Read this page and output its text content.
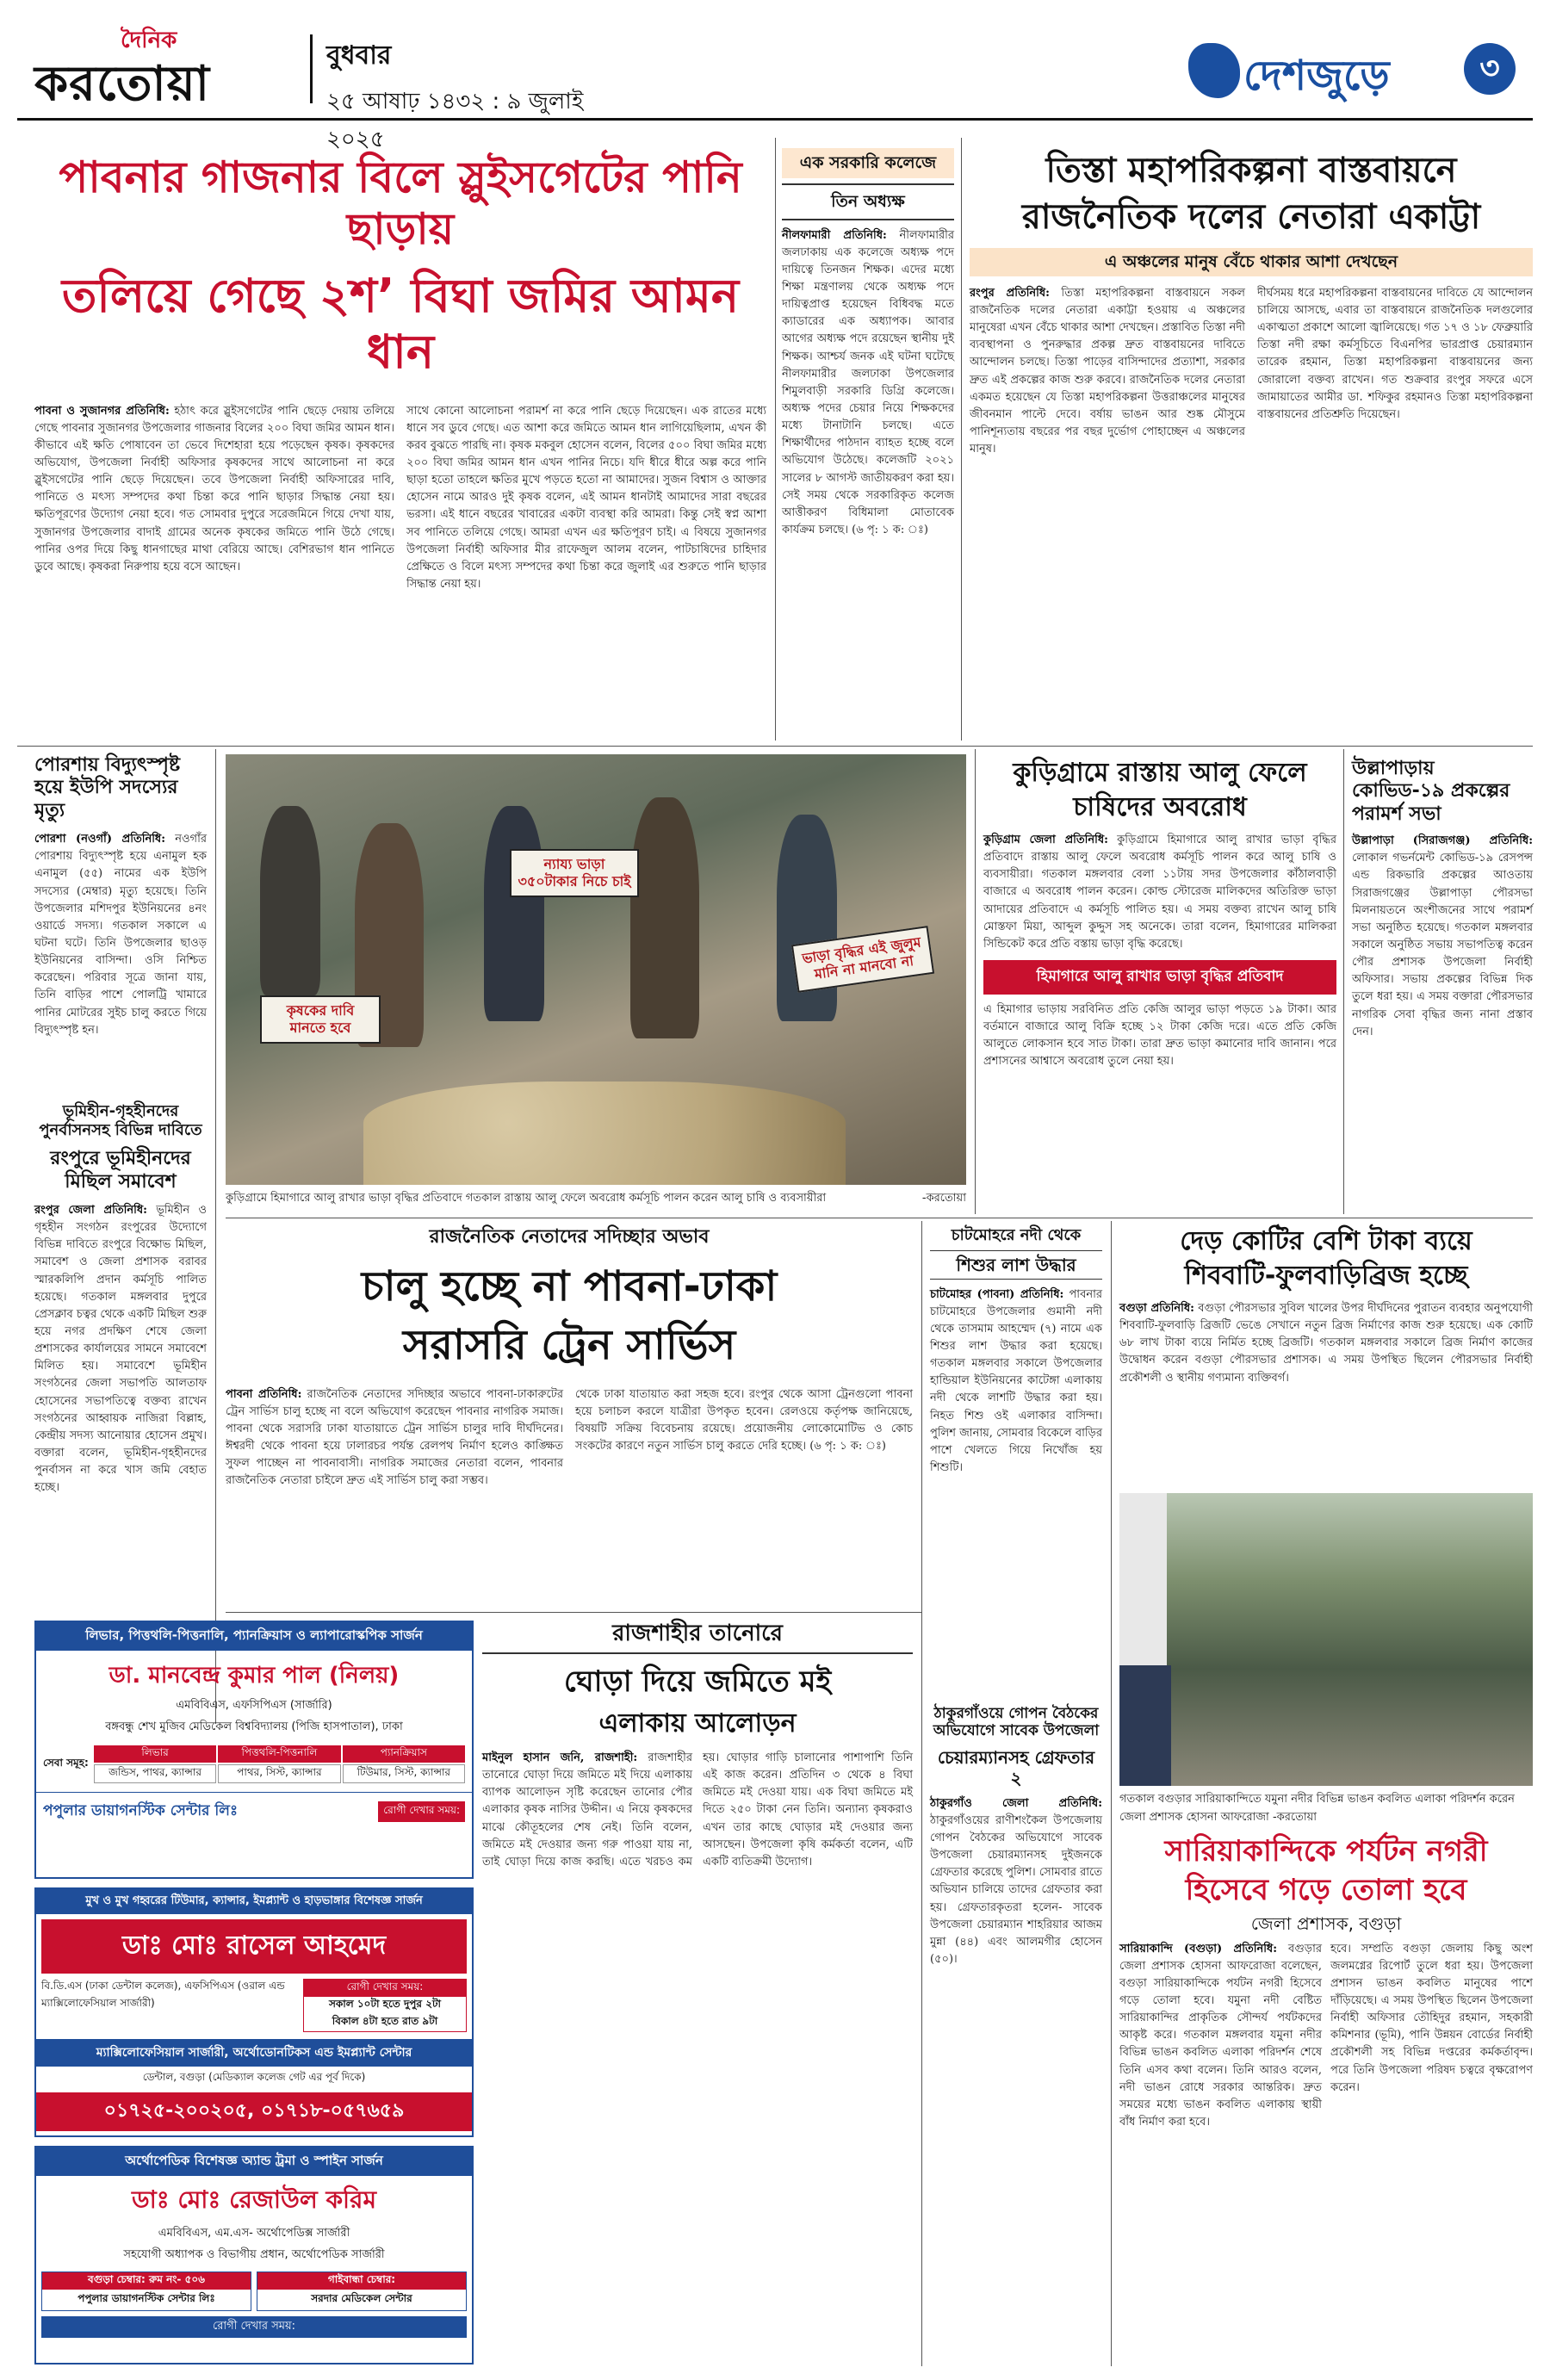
দৈনিক
করতোয়া
বুধবার
২৫ আষাঢ় ১৪৩২ : ৯ জুলাই ২০২৫
দেশজুড়ে	৩
পাবনার গাজনার বিলে স্লুইসগেটের পানি ছাড়ায়
তলিয়ে গেছে ২শ’ বিঘা জমির আমন ধান
পাবনা ও সুজানগর প্রতিনিধি: হঠাৎ করে স্লুইসগেটের পানি ছেড়ে দেয়ায় তলিয়ে গেছে পাবনার সুজানগর উপজেলার গাজনার বিলের ২০০ বিঘা জমির আমন ধান। কীভাবে এই ক্ষতি পোষাবেন তা ভেবে দিশেহারা হয়ে পড়েছেন কৃষক। কৃষকদের অভিযোগ, উপজেলা নির্বাহী অফিসার কৃষকদের সাথে আলোচনা না করে স্লুইসগেটের পানি ছেড়ে দিয়েছেন। তবে উপজেলা নির্বাহী অফিসারের দাবি, পানিতে ও মৎস্য সম্পদের কথা চিন্তা করে পানি ছাড়ার সিদ্ধান্ত নেয়া হয়। ক্ষতিপূরণের উদ্যোগ নেয়া হবে। গত সোমবার দুপুরে সরেজমিনে গিয়ে দেখা যায়, সুজানগর উপজেলার বাদাই গ্রামের অনেক কৃষকের জমিতে পানি উঠে গেছে। পানির ওপর দিয়ে কিছু ধানগাছের মাথা বেরিয়ে আছে। বেশিরভাগ ধান পানিতে ডুবে আছে। কৃষকরা নিরুপায় হয়ে বসে আছেন।
সাথে কোনো আলোচনা পরামর্শ না করে পানি ছেড়ে দিয়েছেন। এক রাতের মধ্যে ধানে সব ডুবে গেছে। এত আশা করে জমিতে আমন ধান লাগিয়েছিলাম, এখন কী করব বুঝতে পারছি না। কৃষক মকবুল হোসেন বলেন, বিলের ৫০০ বিঘা জমির মধ্যে ২০০ বিঘা জমির আমন ধান এখন পানির নিচে। যদি ধীরে ধীরে অল্প করে পানি ছাড়া হতো তাহলে ক্ষতির মুখে পড়তে হতো না আমাদের। সুজন বিশ্বাস ও আক্তার হোসেন নামে আরও দুই কৃষক বলেন, এই আমন ধানটাই আমাদের সারা বছরের ভরসা। এই ধানে বছরের খাবারের একটা ব্যবস্থা করি আমরা। কিন্তু সেই স্বপ্ন আশা সব পানিতে তলিয়ে গেছে। আমরা এখন এর ক্ষতিপূরণ চাই। এ বিষয়ে সুজানগর উপজেলা নির্বাহী অফিসার মীর রাফেজুল আলম বলেন, পাটচাষিদের চাহিদার প্রেক্ষিতে ও বিলে মৎস্য সম্পদের কথা চিন্তা করে জুলাই এর শুরুতে পানি ছাড়ার সিদ্ধান্ত নেয়া হয়।
এক সরকারি কলেজে
তিন অধ্যক্ষ
নীলফামারী প্রতিনিধি: নীলফামারীর জলঢাকায় এক কলেজে অধ্যক্ষ পদে দায়িত্বে তিনজন শিক্ষক। এদের মধ্যে শিক্ষা মন্ত্রণালয় থেকে অধ্যক্ষ পদে দায়িত্বপ্রাপ্ত হয়েছেন বিধিবদ্ধ মতে ক্যাডারের এক অধ্যাপক। আবার আগের অধ্যক্ষ পদে রয়েছেন স্থানীয় দুই শিক্ষক। আশ্চর্য জনক এই ঘটনা ঘটেছে নীলফামারীর জলঢাকা উপজেলার শিমুলবাড়ী সরকারি ডিগ্রি কলেজে। অধ্যক্ষ পদের চেয়ার নিয়ে শিক্ষকদের মধ্যে টানাটানি চলছে। এতে শিক্ষার্থীদের পাঠদান ব্যাহত হচ্ছে বলে অভিযোগ উঠেছে। কলেজটি ২০২১ সালের ৮ আগস্ট জাতীয়করণ করা হয়। সেই সময় থেকে সরকারিকৃত কলেজ আত্তীকরণ বিধিমালা মোতাবেক কার্যক্রম চলছে। (৬ পৃ: ১ ক: ঃ)
তিস্তা মহাপরিকল্পনা বাস্তবায়নে
রাজনৈতিক দলের নেতারা একাট্টা
এ অঞ্চলের মানুষ বেঁচে থাকার আশা দেখছেন
রংপুর প্রতিনিধি: তিস্তা মহাপরিকল্পনা বাস্তবায়নে সকল রাজনৈতিক দলের নেতারা একাট্টা হওয়ায় এ অঞ্চলের মানুষেরা এখন বেঁচে থাকার আশা দেখছেন। প্রস্তাবিত তিস্তা নদী ব্যবস্থাপনা ও পুনরুদ্ধার প্রকল্প দ্রুত বাস্তবায়নের দাবিতে আন্দোলন চলছে। তিস্তা পাড়ের বাসিন্দাদের প্রত্যাশা, সরকার দ্রুত এই প্রকল্পের কাজ শুরু করবে। রাজনৈতিক দলের নেতারা একমত হয়েছেন যে তিস্তা মহাপরিকল্পনা উত্তরাঞ্চলের মানুষের জীবনমান পাল্টে দেবে। বর্ষায় ভাঙন আর শুষ্ক মৌসুমে পানিশূন্যতায় বছরের পর বছর দুর্ভোগ পোহাচ্ছেন এ অঞ্চলের মানুষ।
দীর্ঘসময় ধরে মহাপরিকল্পনা বাস্তবায়নের দাবিতে যে আন্দোলন চালিয়ে আসছে, এবার তা বাস্তবায়নে রাজনৈতিক দলগুলোর একাত্মতা প্রকাশে আলো জ্বালিয়েছে। গত ১৭ ও ১৮ ফেব্রুয়ারি তিস্তা নদী রক্ষা কর্মসূচিতে বিএনপির ভারপ্রাপ্ত চেয়ারম্যান তারেক রহমান, তিস্তা মহাপরিকল্পনা বাস্তবায়নের জন্য জোরালো বক্তব্য রাখেন। গত শুক্রবার রংপুর সফরে এসে জামায়াতের আমীর ডা. শফিকুর রহমানও তিস্তা মহাপরিকল্পনা বাস্তবায়নের প্রতিশ্রুতি দিয়েছেন।
পোরশায় বিদ্যুৎস্পৃষ্ট হয়ে ইউপি সদস্যের মৃত্যু
পোরশা (নওগাঁ) প্রতিনিধি: নওগাঁর পোরশায় বিদ্যুৎস্পৃষ্ট হয়ে এনামুল হক এনামুল (৫৫) নামের এক ইউপি সদস্যের (মেম্বার) মৃত্যু হয়েছে। তিনি উপজেলার মশিদপুর ইউনিয়নের ৪নং ওয়ার্ডে সদস্য। গতকাল সকালে এ ঘটনা ঘটে। তিনি উপজেলার ছাওড় ইউনিয়নের বাসিন্দা। ওসি নিশ্চিত করেছেন। পরিবার সূত্রে জানা যায়, তিনি বাড়ির পাশে পোলট্রি খামারে পানির মোটরের সুইচ চালু করতে গিয়ে বিদ্যুৎস্পৃষ্ট হন।
ভূমিহীন-গৃহহীনদের পুনর্বাসনসহ বিভিন্ন দাবিতে
রংপুরে ভূমিহীনদের মিছিল সমাবেশ
রংপুর জেলা প্রতিনিধি: ভূমিহীন ও গৃহহীন সংগঠন রংপুরের উদ্যোগে বিভিন্ন দাবিতে রংপুরে বিক্ষোভ মিছিল, সমাবেশ ও জেলা প্রশাসক বরাবর স্মারকলিপি প্রদান কর্মসূচি পালিত হয়েছে। গতকাল মঙ্গলবার দুপুরে প্রেসক্লাব চত্বর থেকে একটি মিছিল শুরু হয়ে নগর প্রদক্ষিণ শেষে জেলা প্রশাসকের কার্যালয়ের সামনে সমাবেশে মিলিত হয়। সমাবেশে ভূমিহীন সংগঠনের জেলা সভাপতি আলতাফ হোসেনের সভাপতিত্বে বক্তব্য রাখেন সংগঠনের আহ্বায়ক নাজিরা বিল্লাহ, কেন্দ্রীয় সদস্য আনোয়ার হোসেন প্রমুখ। বক্তারা বলেন, ভূমিহীন-গৃহহীনদের পুনর্বাসন না করে খাস জমি বেহাত হচ্ছে।
ন্যায্য ভাড়া ৩৫০টাকার নিচে চাই
কৃষকের দাবি মানতে হবে
ভাড়া বৃদ্ধির এই জুলুম মানি না মানবো না
কুড়িগ্রামে হিমাগারে আলু রাখার ভাড়া বৃদ্ধির প্রতিবাদে গতকাল রাস্তায় আলু ফেলে অবরোধ কর্মসূচি পালন করেন আলু চাষি ও ব্যবসায়ীরা	-করতোয়া
কুড়িগ্রামে রাস্তায় আলু ফেলে
চাষিদের অবরোধ
কুড়িগ্রাম জেলা প্রতিনিধি: কুড়িগ্রামে হিমাগারে আলু রাখার ভাড়া বৃদ্ধির প্রতিবাদে রাস্তায় আলু ফেলে অবরোধ কর্মসূচি পালন করে আলু চাষি ও ব্যবসায়ীরা। গতকাল মঙ্গলবার বেলা ১১টায় সদর উপজেলার কাঁঠালবাড়ী বাজারে এ অবরোধ পালন করেন। কোল্ড স্টোরেজ মালিকদের অতিরিক্ত ভাড়া আদায়ের প্রতিবাদে এ কর্মসূচি পালিত হয়। এ সময় বক্তব্য রাখেন আলু চাষি মোস্তফা মিয়া, আব্দুল কুদ্দুস সহ অনেকে। তারা বলেন, হিমাগারের মালিকরা সিন্ডিকেট করে প্রতি বস্তায় ভাড়া বৃদ্ধি করেছে।
হিমাগারে আলু রাখার ভাড়া বৃদ্ধির প্রতিবাদ
এ হিমাগার ভাড়ায় সরবিনিত প্রতি কেজি আলুর ভাড়া পড়তে ১৯ টাকা। আর বর্তমানে বাজারে আলু বিক্রি হচ্ছে ১২ টাকা কেজি দরে। এতে প্রতি কেজি আলুতে লোকসান হবে সাত টাকা। তারা দ্রুত ভাড়া কমানোর দাবি জানান। পরে প্রশাসনের আশ্বাসে অবরোধ তুলে নেয়া হয়।
উল্লাপাড়ায় কোভিড-১৯ প্রকল্পের পরামর্শ সভা
উল্লাপাড়া (সিরাজগঞ্জ) প্রতিনিধি: লোকাল গভর্নমেন্ট কোভিড-১৯ রেসপন্স এন্ড রিকভারি প্রকল্পের আওতায় সিরাজগঞ্জের উল্লাপাড়া পৌরসভা মিলনায়তনে অংশীজনের সাথে পরামর্শ সভা অনুষ্ঠিত হয়েছে। গতকাল মঙ্গলবার সকালে অনুষ্ঠিত সভায় সভাপতিত্ব করেন পৌর প্রশাসক উপজেলা নির্বাহী অফিসার। সভায় প্রকল্পের বিভিন্ন দিক তুলে ধরা হয়। এ সময় বক্তারা পৌরসভার নাগরিক সেবা বৃদ্ধির জন্য নানা প্রস্তাব দেন।
রাজনৈতিক নেতাদের সদিচ্ছার অভাব
চালু হচ্ছে না পাবনা-ঢাকা
সরাসরি ট্রেন সার্ভিস
পাবনা প্রতিনিধি: রাজনৈতিক নেতাদের সদিচ্ছার অভাবে পাবনা-ঢাকারুটের ট্রেন সার্ভিস চালু হচ্ছে না বলে অভিযোগ করেছেন পাবনার নাগরিক সমাজ। পাবনা থেকে সরাসরি ঢাকা যাতায়াতে ট্রেন সার্ভিস চালুর দাবি দীর্ঘদিনের। ঈশ্বরদী থেকে পাবনা হয়ে ঢালারচর পর্যন্ত রেলপথ নির্মাণ হলেও কাঙ্ক্ষিত সুফল পাচ্ছেন না পাবনাবাসী। নাগরিক সমাজের নেতারা বলেন, পাবনার রাজনৈতিক নেতারা চাইলে দ্রুত এই সার্ভিস চালু করা সম্ভব।
থেকে ঢাকা যাতায়াত করা সহজ হবে। রংপুর থেকে আসা ট্রেনগুলো পাবনা হয়ে চলাচল করলে যাত্রীরা উপকৃত হবেন। রেলওয়ে কর্তৃপক্ষ জানিয়েছে, বিষয়টি সক্রিয় বিবেচনায় রয়েছে। প্রয়োজনীয় লোকোমোটিভ ও কোচ সংকটের কারণে নতুন সার্ভিস চালু করতে দেরি হচ্ছে। (৬ পৃ: ১ ক: ঃ)
চাটমোহরে নদী থেকে
শিশুর লাশ উদ্ধার
চাটমোহর (পাবনা) প্রতিনিধি: পাবনার চাটমোহরে উপজেলার গুমানী নদী থেকে তাসমাম আহম্মেদ (৭) নামে এক শিশুর লাশ উদ্ধার করা হয়েছে। গতকাল মঙ্গলবার সকালে উপজেলার হান্ডিয়াল ইউনিয়নের কাটেঙ্গা এলাকায় নদী থেকে লাশটি উদ্ধার করা হয়। নিহত শিশু ওই এলাকার বাসিন্দা। পুলিশ জানায়, সোমবার বিকেলে বাড়ির পাশে খেলতে গিয়ে নিখোঁজ হয় শিশুটি।
ঠাকুরগাঁওয়ে গোপন বৈঠকের অভিযোগে সাবেক উপজেলা
চেয়ারম্যানসহ গ্রেফতার ২
ঠাকুরগাঁও জেলা প্রতিনিধি: ঠাকুরগাঁওয়ের রাণীশংকৈল উপজেলায় গোপন বৈঠকের অভিযোগে সাবেক উপজেলা চেয়ারম্যানসহ দুইজনকে গ্রেফতার করেছে পুলিশ। সোমবার রাতে অভিযান চালিয়ে তাদের গ্রেফতার করা হয়। গ্রেফতারকৃতরা হলেন- সাবেক উপজেলা চেয়ারম্যান শাহরিয়ার আজম মুন্না (৪৪) এবং আলমগীর হোসেন (৫০)।
দেড় কোটির বেশি টাকা ব্যয়ে
শিববাটি-ফুলবাড়িব্রিজ হচ্ছে
বগুড়া প্রতিনিধি: বগুড়া পৌরসভার সুবিল খালের উপর দীর্ঘদিনের পুরাতন ব্যবহার অনুপযোগী শিববাটি-ফুলবাড়ি ব্রিজটি ভেঙে সেখানে নতুন ব্রিজ নির্মাণের কাজ শুরু হয়েছে। এক কোটি ৬৮ লাখ টাকা ব্যয়ে নির্মিত হচ্ছে ব্রিজটি। গতকাল মঙ্গলবার সকালে ব্রিজ নির্মাণ কাজের উদ্বোধন করেন বগুড়া পৌরসভার প্রশাসক। এ সময় উপস্থিত ছিলেন পৌরসভার নির্বাহী প্রকৌশলী ও স্থানীয় গণ্যমান্য ব্যক্তিবর্গ।
গতকাল বগুড়ার সারিয়াকান্দিতে যমুনা নদীর বিভিন্ন ভাঙন কবলিত এলাকা পরিদর্শন করেন জেলা প্রশাসক হোসনা আফরোজা -করতোয়া
সারিয়াকান্দিকে পর্যটন নগরী
হিসেবে গড়ে তোলা হবে
জেলা প্রশাসক, বগুড়া
সারিয়াকান্দি (বগুড়া) প্রতিনিধি: বগুড়ার জেলা প্রশাসক হোসনা আফরোজা বলেছেন, বগুড়া সারিয়াকান্দিকে পর্যটন নগরী হিসেবে গড়ে তোলা হবে। যমুনা নদী বেষ্টিত সারিয়াকান্দির প্রাকৃতিক সৌন্দর্য পর্যটকদের আকৃষ্ট করে। গতকাল মঙ্গলবার যমুনা নদীর বিভিন্ন ভাঙন কবলিত এলাকা পরিদর্শন শেষে তিনি এসব কথা বলেন। তিনি আরও বলেন, নদী ভাঙন রোধে সরকার আন্তরিক। দ্রুত সময়ের মধ্যে ভাঙন কবলিত এলাকায় স্থায়ী বাঁধ নির্মাণ করা হবে।
হবে। সম্প্রতি বগুড়া জেলায় কিছু অংশ জলমগ্নের রিপোর্ট তুলে ধরা হয়। উপজেলা প্রশাসন ভাঙন কবলিত মানুষের পাশে দাঁড়িয়েছে। এ সময় উপস্থিত ছিলেন উপজেলা নির্বাহী অফিসার তৌহিদুর রহমান, সহকারী কমিশনার (ভূমি), পানি উন্নয়ন বোর্ডের নির্বাহী প্রকৌশলী সহ বিভিন্ন দপ্তরের কর্মকর্তাবৃন্দ। পরে তিনি উপজেলা পরিষদ চত্বরে বৃক্ষরোপণ করেন।
রাজশাহীর তানোরে
ঘোড়া দিয়ে জমিতে মই
এলাকায় আলোড়ন
মাইনুল হাসান জনি, রাজশাহী: রাজশাহীর তানোরে ঘোড়া দিয়ে জমিতে মই দিয়ে এলাকায় ব্যাপক আলোড়ন সৃষ্টি করেছেন তানোর পৌর এলাকার কৃষক নাসির উদ্দীন। এ নিয়ে কৃষকদের মাঝে কৌতূহলের শেষ নেই। তিনি বলেন, জমিতে মই দেওয়ার জন্য গরু পাওয়া যায় না, তাই ঘোড়া দিয়ে কাজ করছি। এতে খরচও কম হয়। ঘোড়ার গাড়ি চালানোর পাশাপাশি তিনি এই কাজ করেন। প্রতিদিন ৩ থেকে ৪ বিঘা জমিতে মই দেওয়া যায়। এক বিঘা জমিতে মই দিতে ২৫০ টাকা নেন তিনি। অন্যান্য কৃষকরাও এখন তার কাছে ঘোড়ার মই দেওয়ার জন্য আসছেন। উপজেলা কৃষি কর্মকর্তা বলেন, এটি একটি ব্যতিক্রমী উদ্যোগ।
লিভার, পিত্তথলি-পিত্তনালি, প্যানক্রিয়াস ও ল্যাপারোস্কপিক সার্জন
ডা. মানবেন্দ্র কুমার পাল (নিলয়)
এমবিবিএস, এফসিপিএস (সার্জারি)
বঙ্গবন্ধু শেখ মুজিব মেডিকেল বিশ্ববিদ্যালয় (পিজি হাসপাতাল), ঢাকা
সেবা সমূহ:
লিভার	পিত্তথলি-পিত্তনালি	প্যানক্রিয়াস
জন্ডিস, পাথর, ক্যান্সার	পাথর, সিস্ট, ক্যান্সার	টিউমার, সিস্ট, ক্যান্সার
পপুলার ডায়াগনস্টিক সেন্টার লিঃ	রোগী দেখার সময়:
মুখ ও মুখ গহ্বরের টিউমার, ক্যান্সার, ইমপ্ল্যান্ট ও হাড়ভাঙ্গার বিশেষজ্ঞ সার্জন
ডাঃ মোঃ রাসেল আহমেদ
বি.ডি.এস (ঢাকা ডেন্টাল কলেজ), এফসিপিএস (ওরাল এন্ড ম্যাক্সিলোফেসিয়াল সার্জারী)
রোগী দেখার সময়:
সকাল ১০টা হতে দুপুর ২টা
বিকাল ৪টা হতে রাত ৯টা
ম্যাক্সিলোফেসিয়াল সার্জারী, অর্থোডোনটিকস এন্ড ইমপ্ল্যান্ট সেন্টার
ডেন্টাল, বগুড়া (মেডিক্যাল কলেজ গেট এর পূর্ব দিকে)
০১৭২৫-২০০২০৫, ০১৭১৮-০৫৭৬৫৯
অর্থোপেডিক বিশেষজ্ঞ অ্যান্ড ট্রমা ও স্পাইন সার্জন
ডাঃ মোঃ রেজাউল করিম
এমবিবিএস, এম.এস- অর্থোপেডিক্স সার্জারী
সহযোগী অধ্যাপক ও বিভাগীয় প্রধান, অর্থোপেডিক সার্জারী
বগুড়া চেম্বার: রুম নং- ৫০৬
পপুলার ডায়াগনস্টিক সেন্টার লিঃ
গাইবান্ধা চেম্বার:
সরদার মেডিকেল সেন্টার
রোগী দেখার সময়:
